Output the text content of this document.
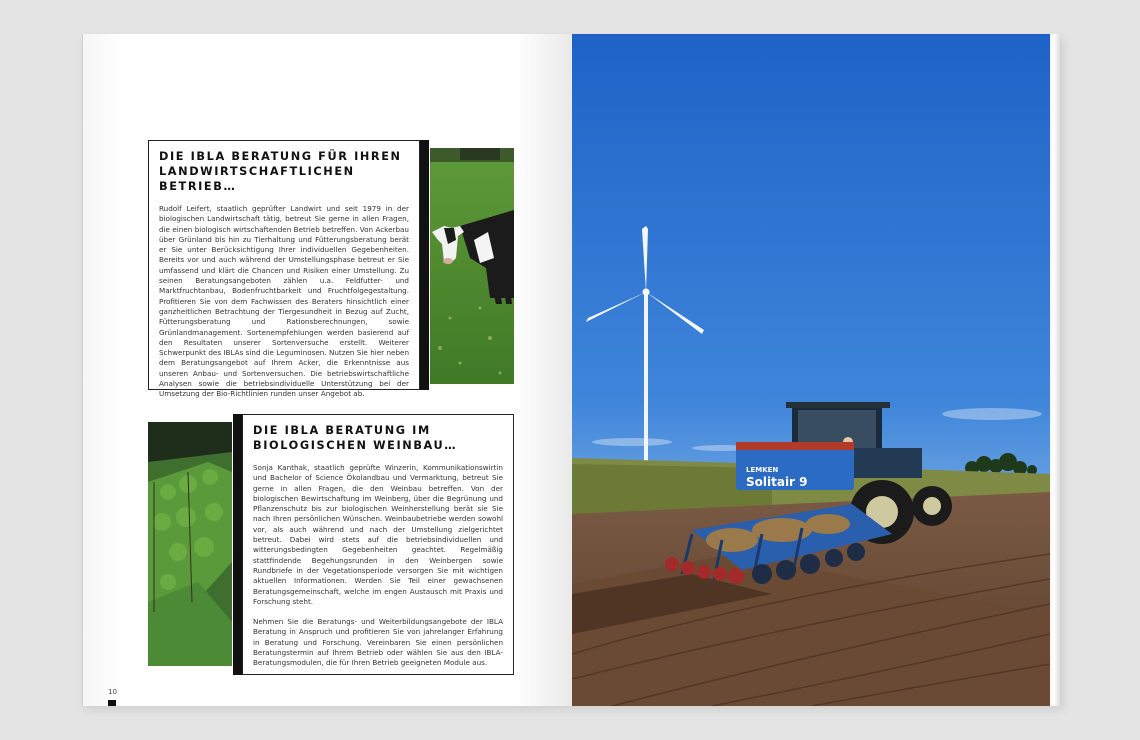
DIE IBLA BERATUNG FÜR IHREN LANDWIRTSCHAFTLICHEN BETRIEB…

Rudolf Leifert, staatlich geprüfter Landwirt und seit 1979 in der biologischen Landwirtschaft tätig, betreut Sie gerne in allen Fragen, die einen biologisch wirtschaftenden Betrieb betreffen. Von Ackerbau über Grünland bis hin zu Tierhaltung und Fütterungsberatung berät er Sie unter Berücksichtigung Ihrer individuellen Gegebenheiten. Bereits vor und auch während der Umstellungsphase betreut er Sie umfassend und klärt die Chancen und Risiken einer Umstellung. Zu seinen Beratungsangeboten zählen u.a. Feldfutter- und Marktfruchtanbau, Bodenfruchtbarkeit und Fruchtfolgegestaltung. Profitieren Sie von dem Fachwissen des Beraters hinsichtlich einer ganzheitlichen Betrachtung der Tiergesundheit in Bezug auf Zucht, Fütterungsberatung und Rationsberechnungen, sowie Grünlandmanagement. Sortenempfehlungen werden basierend auf den Resultaten unserer Sortenversuche erstellt. Weiterer Schwerpunkt des IBLAs sind die Leguminosen. Nutzen Sie hier neben dem Beratungsangebot auf Ihrem Acker, die Erkenntnisse aus unseren Anbau- und Sortenversuchen. Die betriebswirtschaftliche Analysen sowie die betriebsindividuelle Unterstützung bei der Umsetzung der Bio-Richtlinien runden unser Angebot ab.

DIE IBLA BERATUNG IM BIOLOGISCHEN WEINBAU…

Sonja Kanthak, staatlich geprüfte Winzerin, Kommunikationswirtin und Bachelor of Science Ökolandbau und Vermarktung, betreut Sie gerne in allen Fragen, die den Weinbau betreffen. Von der biologischen Bewirtschaftung im Weinberg, über die Begrünung und Pflanzenschutz bis zur biologischen Weinherstellung berät sie Sie nach Ihren persönlichen Wünschen. Weinbaubetriebe werden sowohl vor, als auch während und nach der Umstellung zielgerichtet betreut. Dabei wird stets auf die betriebsindividuellen und witterungsbedingten Gegebenheiten geachtet. Regelmäßig stattfindende Begehungsrunden in den Weinbergen sowie Rundbriefe in der Vegetationsperiode versorgen Sie mit wichtigen aktuellen Informationen. Werden Sie Teil einer gewachsenen Beratungsgemeinschaft, welche im engen Austausch mit Praxis und Forschung steht.

Nehmen Sie die Beratungs- und Weiterbildungsangebote der IBLA Beratung in Anspruch und profitieren Sie von jahrelanger Erfahrung in Beratung und Forschung. Vereinbaren Sie einen persönlichen Beratungstermin auf Ihrem Betrieb oder wählen Sie aus den IBLA-Beratungsmodulen, die für Ihren Betrieb geeigneten Module aus.

10
LEMKEN
Solitair 9
